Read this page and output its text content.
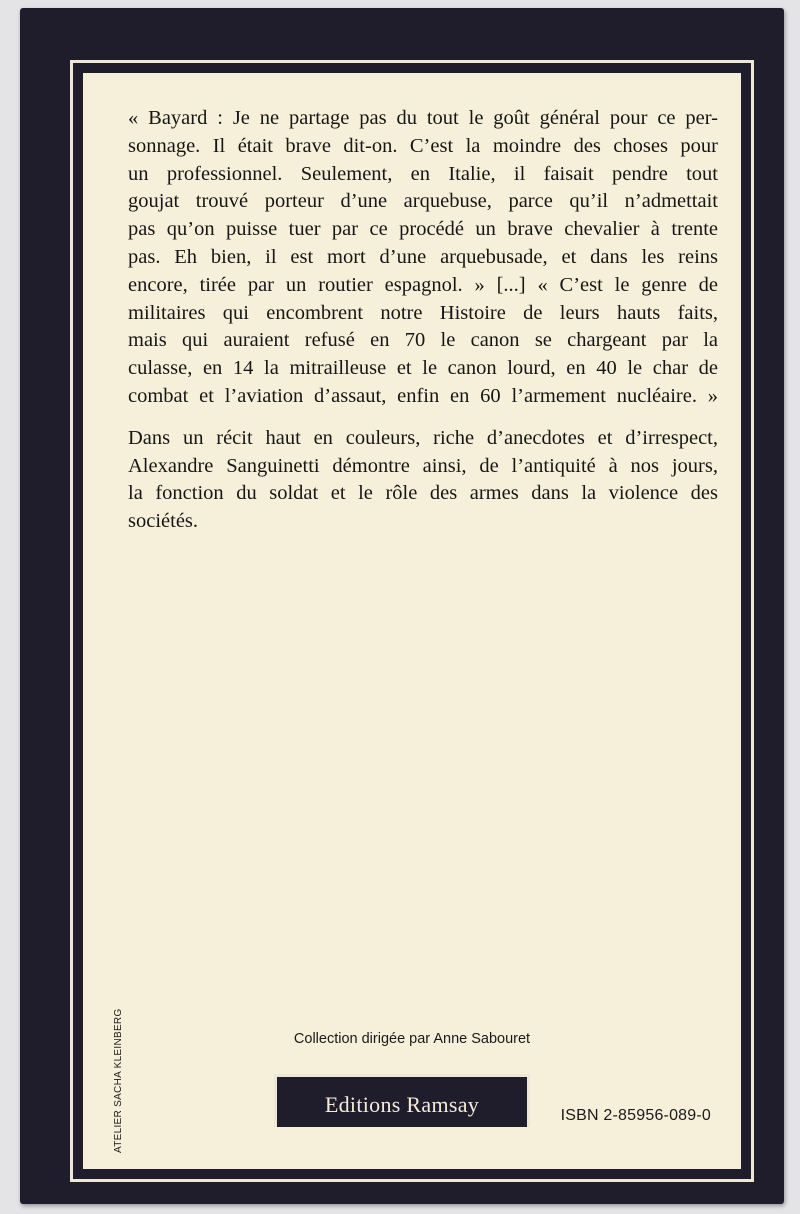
« Bayard : Je ne partage pas du tout le goût général pour ce per-
sonnage. Il était brave dit-on. C’est la moindre des choses pour
un professionnel. Seulement, en Italie, il faisait pendre tout
goujat trouvé porteur d’une arquebuse, parce qu’il n’admettait
pas qu’on puisse tuer par ce procédé un brave chevalier à trente
pas. Eh bien, il est mort d’une arquebusade, et dans les reins
encore, tirée par un routier espagnol. » [...] « C’est le genre de
militaires qui encombrent notre Histoire de leurs hauts faits,
mais qui auraient refusé en 70 le canon se chargeant par la
culasse, en 14 la mitrailleuse et le canon lourd, en 40 le char de
combat et l’aviation d’assaut, enfin en 60 l’armement nucléaire. »

Dans un récit haut en couleurs, riche d’anecdotes et d’irrespect,
Alexandre Sanguinetti démontre ainsi, de l’antiquité à nos jours,
la fonction du soldat et le rôle des armes dans la violence des
sociétés.

Collection dirigée par Anne Sabouret
ISBN 2-85956-089-0
ATELIER SACHA KLEINBERG	Editions Ramsay
